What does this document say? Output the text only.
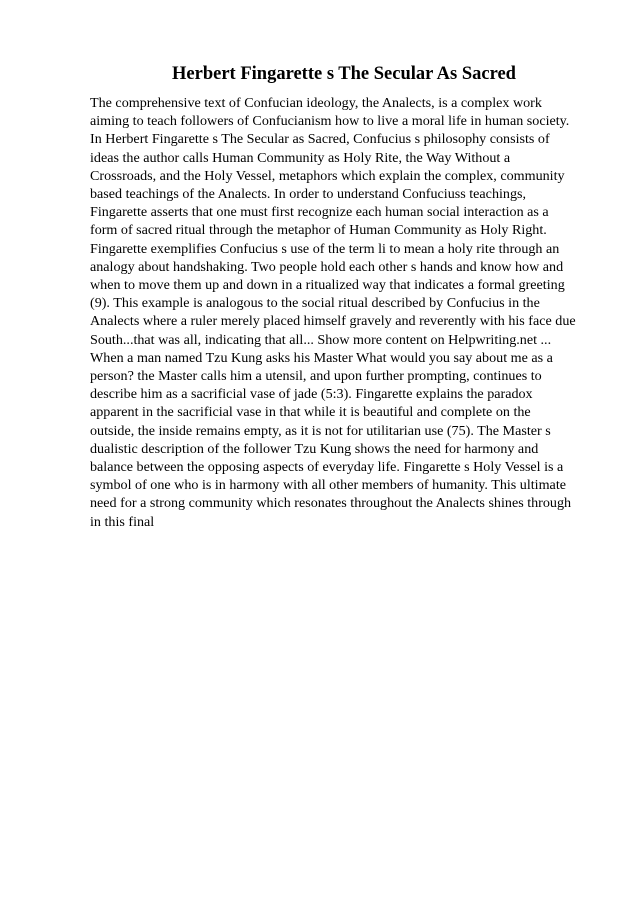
Herbert Fingarette s The Secular As Sacred

The comprehensive text of Confucian ideology, the Analects, is a complex work
aiming to teach followers of Confucianism how to live a moral life in human society.
In Herbert Fingarette s The Secular as Sacred, Confucius s philosophy consists of
ideas the author calls Human Community as Holy Rite, the Way Without a
Crossroads, and the Holy Vessel, metaphors which explain the complex, community
based teachings of the Analects. In order to understand Confuciuss teachings,
Fingarette asserts that one must first recognize each human social interaction as a
form of sacred ritual through the metaphor of Human Community as Holy Right.
Fingarette exemplifies Confucius s use of the term li to mean a holy rite through an
analogy about handshaking. Two people hold each other s hands and know how and
when to move them up and down in a ritualized way that indicates a formal greeting
(9). This example is analogous to the social ritual described by Confucius in the
Analects where a ruler merely placed himself gravely and reverently with his face due
South...that was all, indicating that all... Show more content on Helpwriting.net ...
When a man named Tzu Kung asks his Master What would you say about me as a
person? the Master calls him a utensil, and upon further prompting, continues to
describe him as a sacrificial vase of jade (5:3). Fingarette explains the paradox
apparent in the sacrificial vase in that while it is beautiful and complete on the
outside, the inside remains empty, as it is not for utilitarian use (75). The Master s
dualistic description of the follower Tzu Kung shows the need for harmony and
balance between the opposing aspects of everyday life. Fingarette s Holy Vessel is a
symbol of one who is in harmony with all other members of humanity. This ultimate
need for a strong community which resonates throughout the Analects shines through
in this final
